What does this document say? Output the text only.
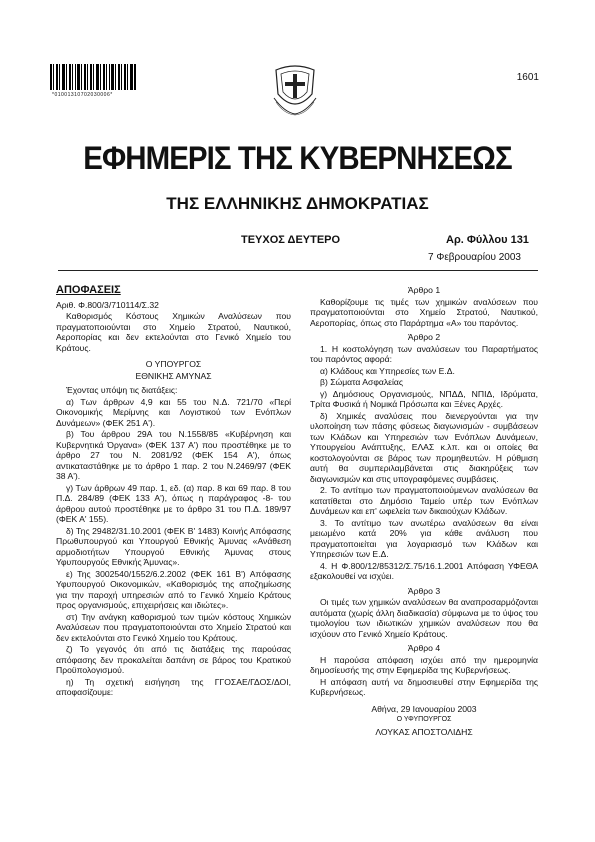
*01001310702030006*
1601
ΕΦΗΜΕΡΙΣ ΤΗΣ ΚΥΒΕΡΝΗΣΕΩΣ
ΤΗΣ ΕΛΛΗΝΙΚΗΣ ΔΗΜΟΚΡΑΤΙΑΣ
ΤΕΥΧΟΣ ΔΕΥΤΕΡΟ	Αρ. Φύλλου 131
7 Φεβρουαρίου 2003

ΑΠΟΦΑΣΕΙΣ

Αριθ. Φ.800/3/710114/Σ.32

Καθορισμός Κόστους Χημικών Αναλύσεων που πραγματοποιούνται στο Χημείο Στρατού, Ναυτικού, Αεροπορίας και δεν εκτελούνται στο Γενικό Χημείο του Κράτους.

Ο ΥΠΟΥΡΓΟΣ

ΕΘΝΙΚΗΣ ΑΜΥΝΑΣ

Έχοντας υπόψη τις διατάξεις:

α) Των άρθρων 4,9 και 55 του Ν.Δ. 721/70 «Περί Οικονομικής Μερίμνης και Λογιστικού των Ενόπλων Δυνάμεων» (ΦΕΚ 251 Α').

β) Του άρθρου 29Α του Ν.1558/85 «Κυβέρνηση και Κυβερνητικά Όργανα» (ΦΕΚ 137 Α') που προστέθηκε με το άρθρο 27 του Ν. 2081/92 (ΦΕΚ 154 Α'), όπως αντικαταστάθηκε με το άρθρο 1 παρ. 2 του Ν.2469/97 (ΦΕΚ 38 Α').

γ) Των άρθρων 49 παρ. 1, εδ. (α) παρ. 8 και 69 παρ. 8 του Π.Δ. 284/89 (ΦΕΚ 133 Α'), όπως η παράγραφος -8- του άρθρου αυτού προστέθηκε με το άρθρο 31 του Π.Δ. 189/97 (ΦΕΚ Α' 155).

δ) Της 29482/31.10.2001 (ΦΕΚ Β' 1483) Κοινής Απόφασης Πρωθυπουργού και Υπουργού Εθνικής Άμυνας «Ανάθεση αρμοδιοτήτων Υπουργού Εθνικής Άμυνας στους Υφυπουργούς Εθνικής Άμυνας».

ε) Της 3002540/1552/6.2.2002 (ΦΕΚ 161 Β') Απόφασης Υφυπουργού Οικονομικών, «Καθορισμός της αποζημίωσης για την παροχή υπηρεσιών από το Γενικό Χημείο Κράτους προς οργανισμούς, επιχειρήσεις και ιδιώτες».

στ) Την ανάγκη καθορισμού των τιμών κόστους Χημικών Αναλύσεων που πραγματοποιούνται στο Χημείο Στρατού και δεν εκτελούνται στο Γενικό Χημείο του Κράτους.

ζ) Το γεγονός ότι από τις διατάξεις της παρούσας απόφασης δεν προκαλείται δαπάνη σε βάρος του Κρατικού Προϋπολογισμού.

η) Τη σχετική εισήγηση της ΓΓΟΣΑΕ/ΓΔΟΣ/ΔΟΙ, αποφασίζουμε:

Άρθρο 1

Καθορίζουμε τις τιμές των χημικών αναλύσεων που πραγματοποιούνται στο Χημείο Στρατού, Ναυτικού, Αεροπορίας, όπως στο Παράρτημα «Α» του παρόντος.

Άρθρο 2

1. Η κοστολόγηση των αναλύσεων του Παραρτήματος του παρόντος αφορά:

α) Κλάδους και Υπηρεσίες των Ε.Δ.

β) Σώματα Ασφαλείας

γ) Δημόσιους Οργανισμούς, ΝΠΔΔ, ΝΠΙΔ, Ιδρύματα, Τρίτα Φυσικά ή Νομικά Πρόσωπα και Ξένες Αρχές.

δ) Χημικές αναλύσεις που διενεργούνται για την υλοποίηση των πάσης φύσεως διαγωνισμών - συμβάσεων των Κλάδων και Υπηρεσιών των Ενόπλων Δυνάμεων, Υπουργείου Ανάπτυξης, ΕΛΑΣ κ.λπ. και οι οποίες θα κοστολογούνται σε βάρος των προμηθευτών. Η ρύθμιση αυτή θα συμπεριλαμβάνεται στις διακηρύξεις των διαγωνισμών και στις υπογραφόμενες συμβάσεις.

2. Το αντίτιμο των πραγματοποιούμενων αναλύσεων θα κατατίθεται στο Δημόσιο Ταμείο υπέρ των Ενόπλων Δυνάμεων και επ' ωφελεία των δικαιούχων Κλάδων.

3. Το αντίτιμο των ανωτέρω αναλύσεων θα είναι μειωμένο κατά 20% για κάθε ανάλυση που πραγματοποιείται για λογαριασμό των Κλάδων και Υπηρεσιών των Ε.Δ.

4. Η Φ.800/12/85312/Σ.75/16.1.2001 Απόφαση ΥΦΕΘΑ εξακολουθεί να ισχύει.

Άρθρο 3

Οι τιμές των χημικών αναλύσεων θα αναπροσαρμόζονται αυτόματα (χωρίς άλλη διαδικασία) σύμφωνα με το ύψος του τιμολογίου των ιδιωτικών χημικών αναλύσεων που θα ισχύουν στο Γενικό Χημείο Κράτους.

Άρθρο 4

Η παρούσα απόφαση ισχύει από την ημερομηνία δημοσίευσής της στην Εφημερίδα της Κυβερνήσεως.

Η απόφαση αυτή να δημοσιευθεί στην Εφημερίδα της Κυβερνήσεως.

Αθήνα, 29 Ιανουαρίου 2003

Ο ΥΦΥΠΟΥΡΓΟΣ

ΛΟΥΚΑΣ ΑΠΟΣΤΟΛΙΔΗΣ
